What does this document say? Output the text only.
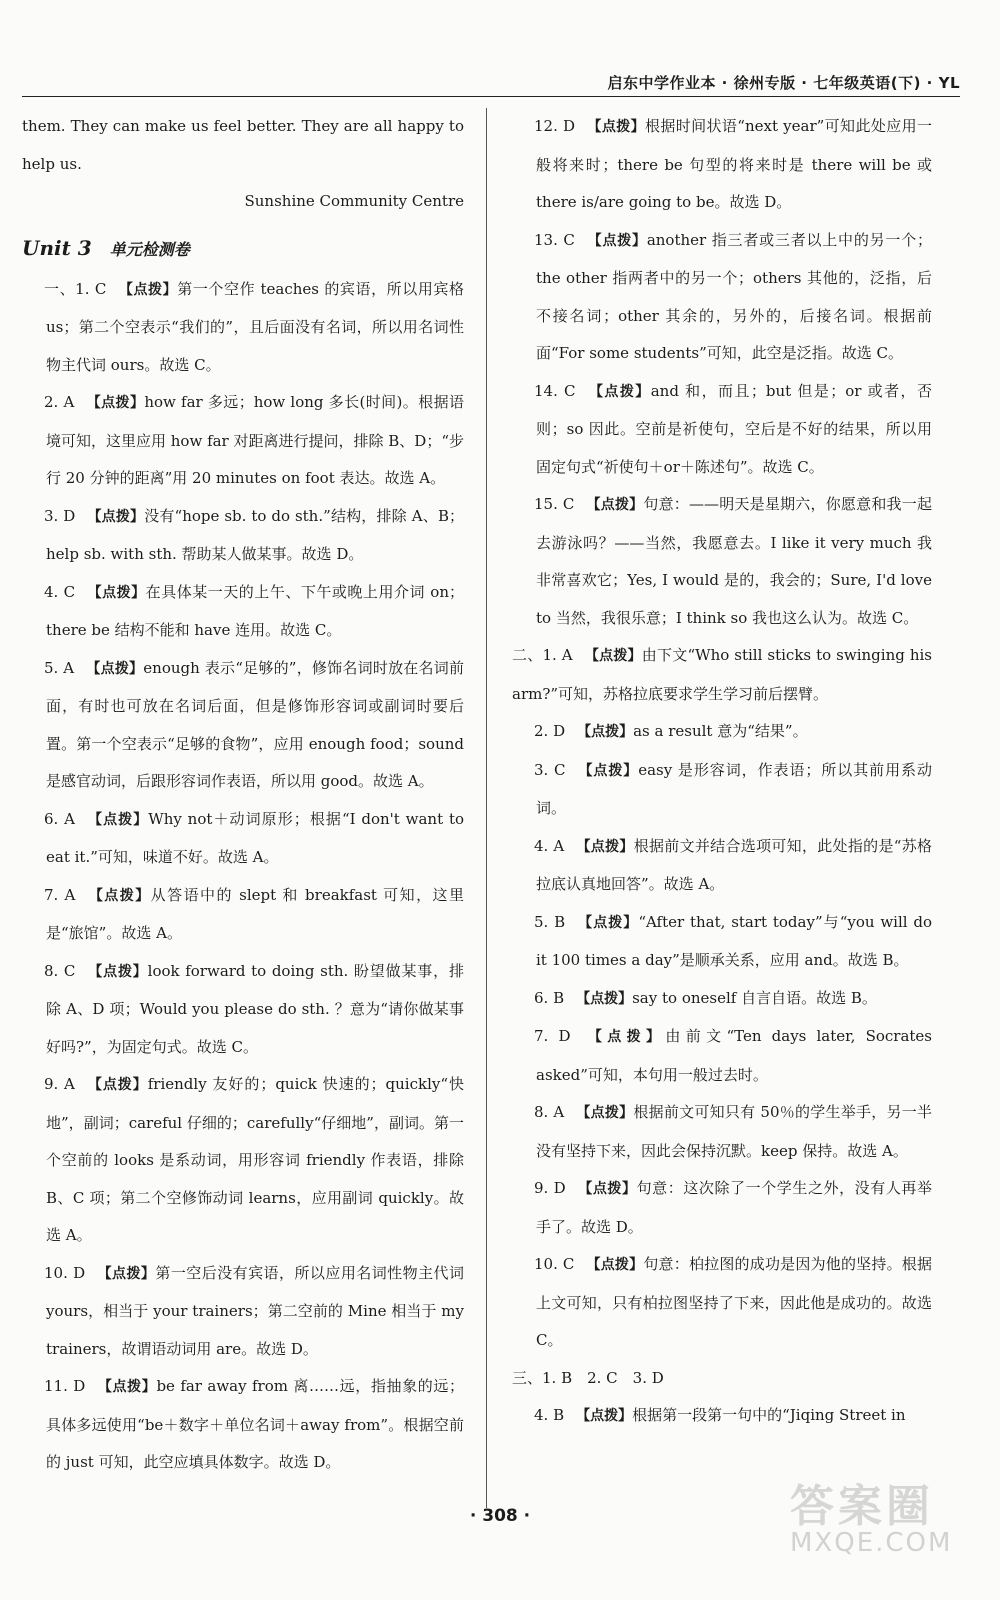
启东中学作业本 · 徐州专版 · 七年级英语(下) · YL

them. They can make us feel better. They are all happy to help us.

Sunshine Community Centre

Unit 3 单元检测卷

一、1. C 【点拨】第一个空作 teaches 的宾语，所以用宾格 us；第二个空表示“我们的”，且后面没有名词，所以用名词性物主代词 ours。故选 C。

2. A 【点拨】how far 多远；how long 多长(时间)。根据语境可知，这里应用 how far 对距离进行提问，排除 B、D；“步行 20 分钟的距离”用 20 minutes on foot 表达。故选 A。

3. D 【点拨】没有“hope sb. to do sth.”结构，排除 A、B；help sb. with sth. 帮助某人做某事。故选 D。

4. C 【点拨】在具体某一天的上午、下午或晚上用介词 on；there be 结构不能和 have 连用。故选 C。

5. A 【点拨】enough 表示“足够的”，修饰名词时放在名词前面，有时也可放在名词后面，但是修饰形容词或副词时要后置。第一个空表示“足够的食物”，应用 enough food；sound 是感官动词，后跟形容词作表语，所以用 good。故选 A。

6. A 【点拨】Why not＋动词原形；根据“I don't want to eat it.”可知，味道不好。故选 A。

7. A 【点拨】从答语中的 slept 和 breakfast 可知，这里是“旅馆”。故选 A。

8. C 【点拨】look forward to doing sth. 盼望做某事，排除 A、D 项；Would you please do sth. ？意为“请你做某事好吗?”，为固定句式。故选 C。

9. A 【点拨】friendly 友好的；quick 快速的；quickly“快地”，副词；careful 仔细的；carefully“仔细地”，副词。第一个空前的 looks 是系动词，用形容词 friendly 作表语，排除 B、C 项；第二个空修饰动词 learns，应用副词 quickly。故选 A。

10. D 【点拨】第一空后没有宾语，所以应用名词性物主代词 yours，相当于 your trainers；第二空前的 Mine 相当于 my trainers，故谓语动词用 are。故选 D。

11. D 【点拨】be far away from 离……远，指抽象的远；具体多远使用“be＋数字＋单位名词＋away from”。根据空前的 just 可知，此空应填具体数字。故选 D。

12. D 【点拨】根据时间状语“next year”可知此处应用一般将来时；there be 句型的将来时是 there will be 或 there is/are going to be。故选 D。

13. C 【点拨】another 指三者或三者以上中的另一个；the other 指两者中的另一个；others 其他的，泛指，后不接名词；other 其余的，另外的，后接名词。根据前面“For some students”可知，此空是泛指。故选 C。

14. C 【点拨】and 和，而且；but 但是；or 或者，否则；so 因此。空前是祈使句，空后是不好的结果，所以用固定句式“祈使句＋or＋陈述句”。故选 C。

15. C 【点拨】句意：——明天是星期六，你愿意和我一起去游泳吗？——当然，我愿意去。I like it very much 我非常喜欢它；Yes, I would 是的，我会的；Sure, I'd love to 当然，我很乐意；I think so 我也这么认为。故选 C。

二、1. A 【点拨】由下文“Who still sticks to swinging his arm?”可知，苏格拉底要求学生学习前后摆臂。

2. D 【点拨】as a result 意为“结果”。

3. C 【点拨】easy 是形容词，作表语；所以其前用系动词。

4. A 【点拨】根据前文并结合选项可知，此处指的是“苏格拉底认真地回答”。故选 A。

5. B 【点拨】“After that, start today”与“you will do it 100 times a day”是顺承关系，应用 and。故选 B。

6. B 【点拨】say to oneself 自言自语。故选 B。

7. D 【点拨】由前文“Ten days later, Socrates asked”可知，本句用一般过去时。

8. A 【点拨】根据前文可知只有 50％的学生举手，另一半没有坚持下来，因此会保持沉默。keep 保持。故选 A。

9. D 【点拨】句意：这次除了一个学生之外，没有人再举手了。故选 D。

10. C 【点拨】句意：柏拉图的成功是因为他的坚持。根据上文可知，只有柏拉图坚持了下来，因此他是成功的。故选 C。

三、1. B　2. C　3. D

4. B 【点拨】根据第一段第一句中的“Jiqing Street in

· 308 ·	答案圈
MXQE.COM
